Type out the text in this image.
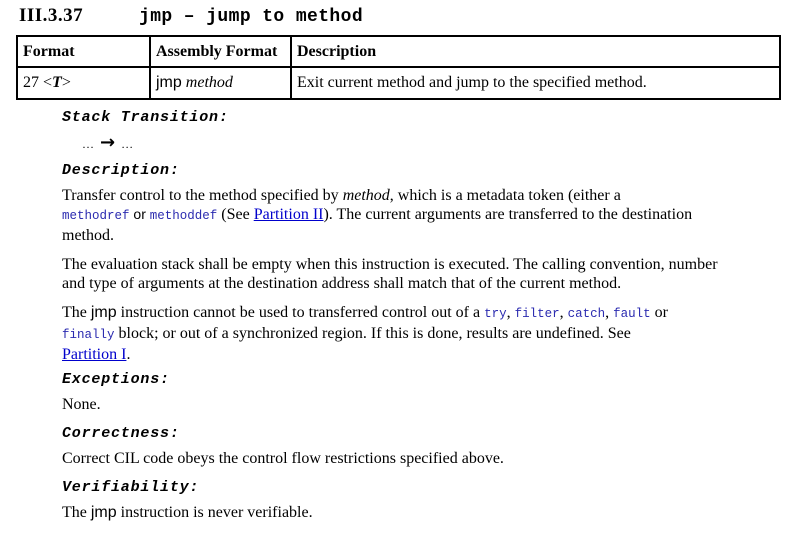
III.3.37	jmp – jump to method
Format	Assembly Format	Description
27 <T>	jmp method	Exit current method and jump to the specified method.

Stack Transition:

… → …

Description:

Transfer control to the method specified by method, which is a metadata token (either a
methodref or methoddef (See Partition II). The current arguments are transferred to the destination method.

The evaluation stack shall be empty when this instruction is executed. The calling convention, number and type of arguments at the destination address shall match that of the current method.

The jmp instruction cannot be used to transferred control out of a try, filter, catch, fault or
finally block; or out of a synchronized region. If this is done, results are undefined. See
Partition I.

Exceptions:

None.

Correctness:

Correct CIL code obeys the control flow restrictions specified above.

Verifiability:

The jmp instruction is never verifiable.
